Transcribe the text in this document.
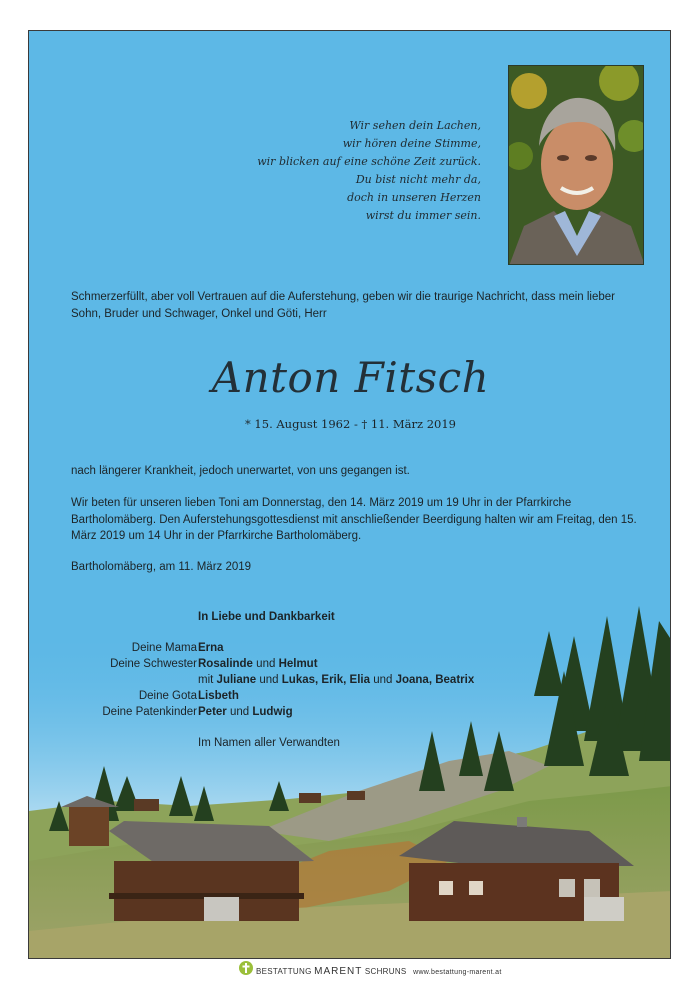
Wir sehen dein Lachen,
wir hören deine Stimme,
wir blicken auf eine schöne Zeit zurück.
Du bist nicht mehr da,
doch in unseren Herzen
wirst du immer sein.
Schmerzerfüllt, aber voll Vertrauen auf die Auferstehung, geben wir die traurige Nachricht, dass mein lieber Sohn, Bruder und Schwager, Onkel und Göti, Herr
Anton Fitsch
* 15. August 1962 - † 11. März 2019
nach längerer Krankheit, jedoch unerwartet, von uns gegangen ist.
Wir beten für unseren lieben Toni am Donnerstag, den 14. März 2019 um 19 Uhr in der Pfarrkirche Bartholomäberg. Den Auferstehungsgottesdienst mit anschließender Beerdigung halten wir am Freitag, den 15. März 2019 um 14 Uhr in der Pfarrkirche Bartholomäberg.
Bartholomäberg, am 11. März 2019
In Liebe und Dankbarkeit
Deine Mama Erna
Deine Schwester Rosalinde und Helmut
mit Juliane und Lukas, Erik, Elia und Joana, Beatrix
Deine Gota Lisbeth
Deine Patenkinder Peter und Ludwig
Im Namen aller Verwandten
BESTATTUNG MARENT SCHRUNS www.bestattung-marent.at
